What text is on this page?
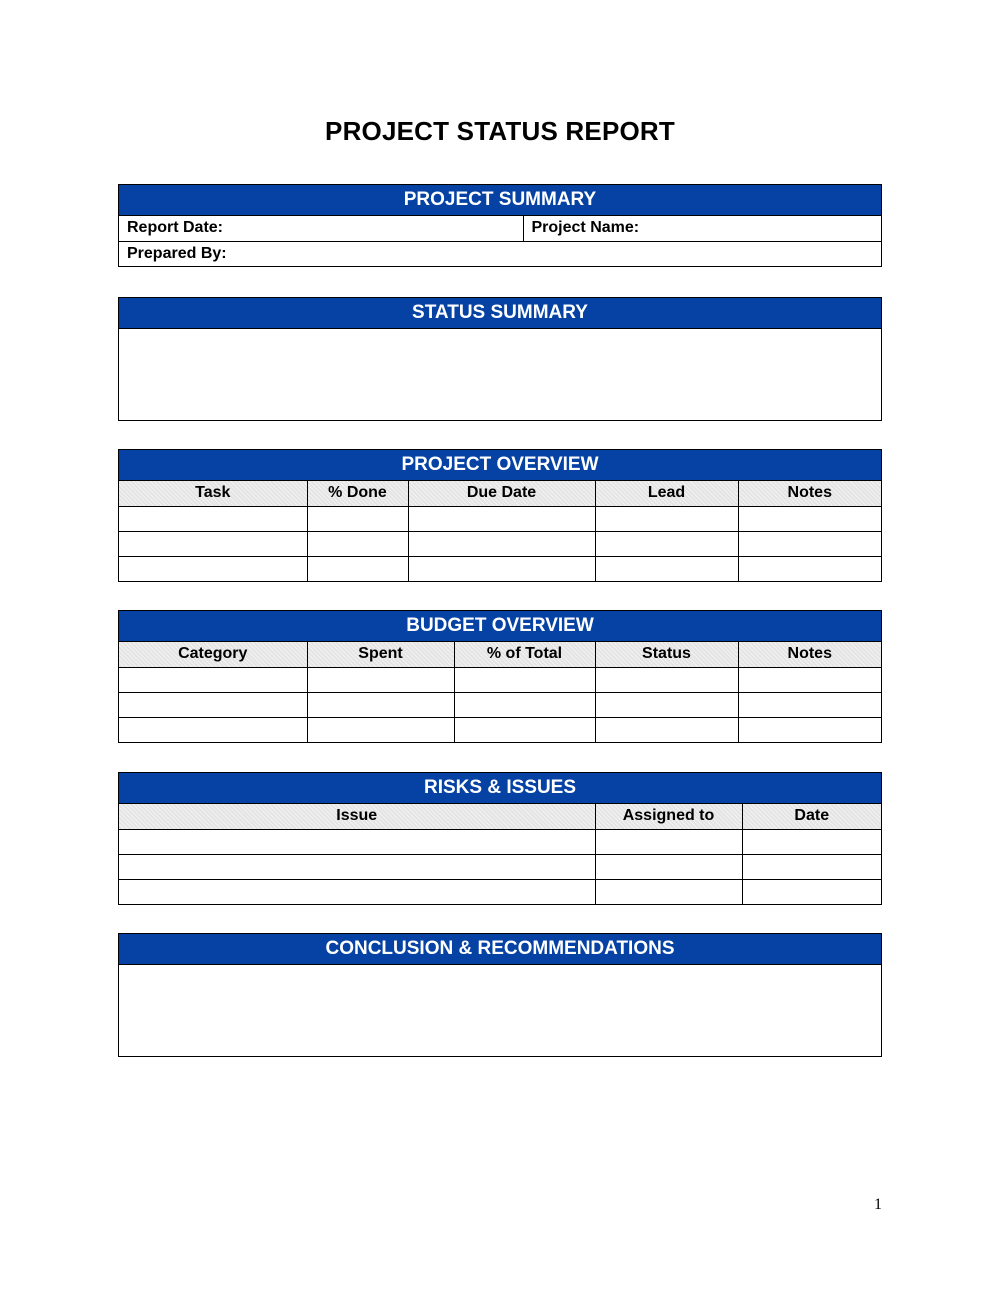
PROJECT STATUS REPORT
PROJECT SUMMARY
Report Date:	Project Name:
Prepared By:
STATUS SUMMARY
PROJECT OVERVIEW
Task	% Done	Due Date	Lead	Notes

BUDGET OVERVIEW
Category	Spent	% of Total	Status	Notes

RISKS & ISSUES
Issue	Assigned to	Date

CONCLUSION & RECOMMENDATIONS
1
